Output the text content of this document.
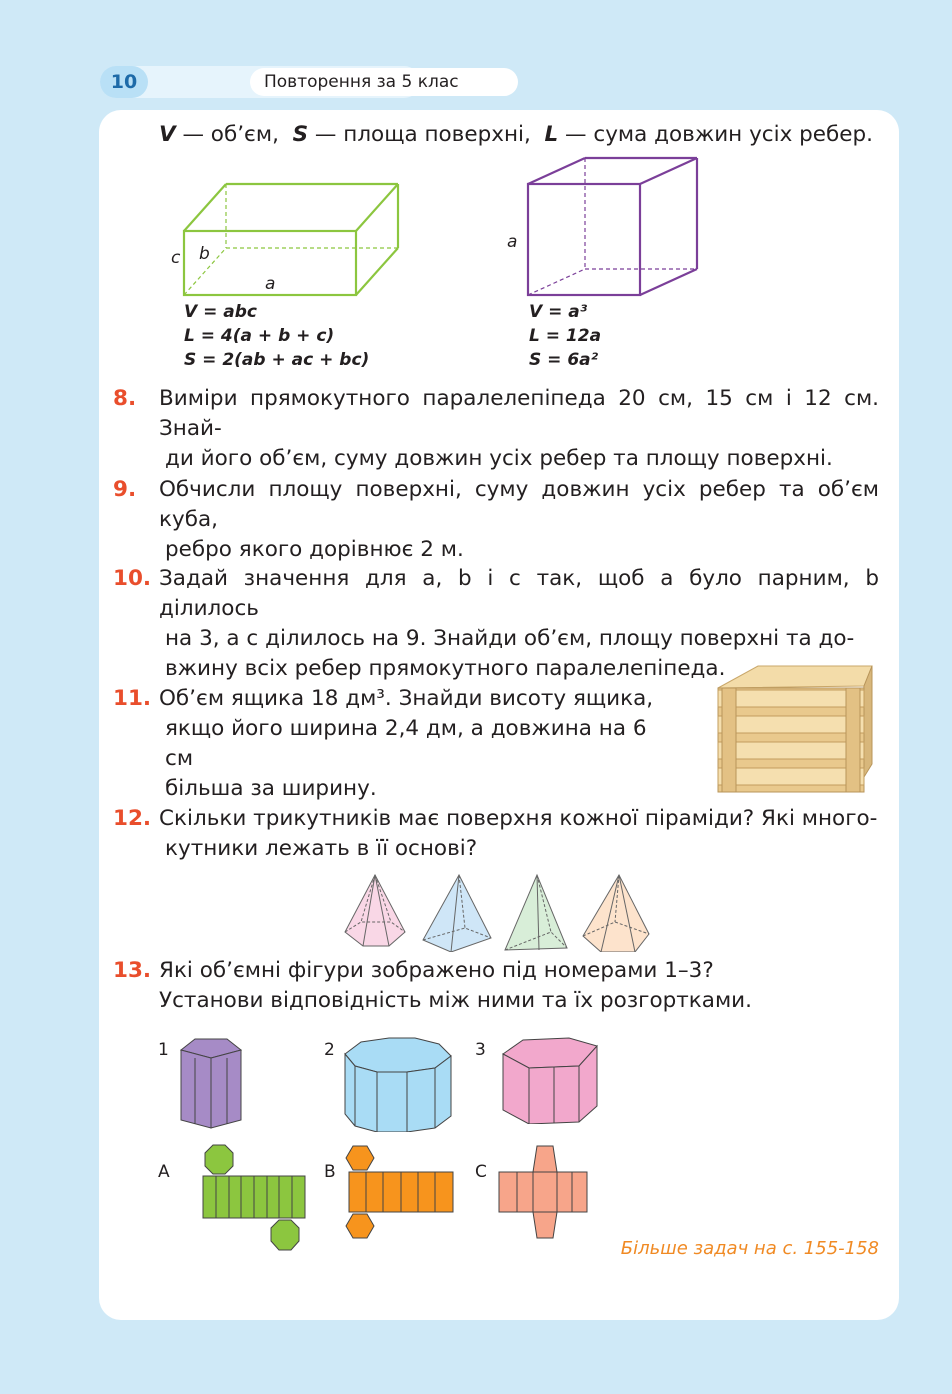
10	Повторення за 5 клас
V — об’єм, S — площа поверхні, L — сума довжин усіх ребер.
c b
a
V = abc
L = 4(a + b + c)
S = 2(ab + ac + bc)
a
V = a³
L = 12a
S = 6a²
8. Виміри прямокутного паралелепіпеда 20 см, 15 см і 12 см. Знай-
ди його об’єм, суму довжин усіх ребер та площу поверхні.
9. Обчисли площу поверхні, суму довжин усіх ребер та об’єм куба,
ребро якого дорівнює 2 м.
10. Задай значення для a, b і c так, щоб a було парним, b ділилось
на 3, а c ділилось на 9. Знайди об’єм, площу поверхні та до-
вжину всіх ребер прямокутного паралелепіпеда.
11. Об’єм ящика 18 дм³. Знайди висоту ящика,
якщо його ширина 2,4 дм, а довжина на 6 см
більша за ширину.
12. Скільки трикутників має поверхня кожної піраміди? Які много-
кутники лежать в її основі?
13. Які об’ємні фігури зображено під номерами 1–3?
Установи відповідність між ними та їх розгортками.
1	2	3
A	B	C
Більше задач на с. 155-158
